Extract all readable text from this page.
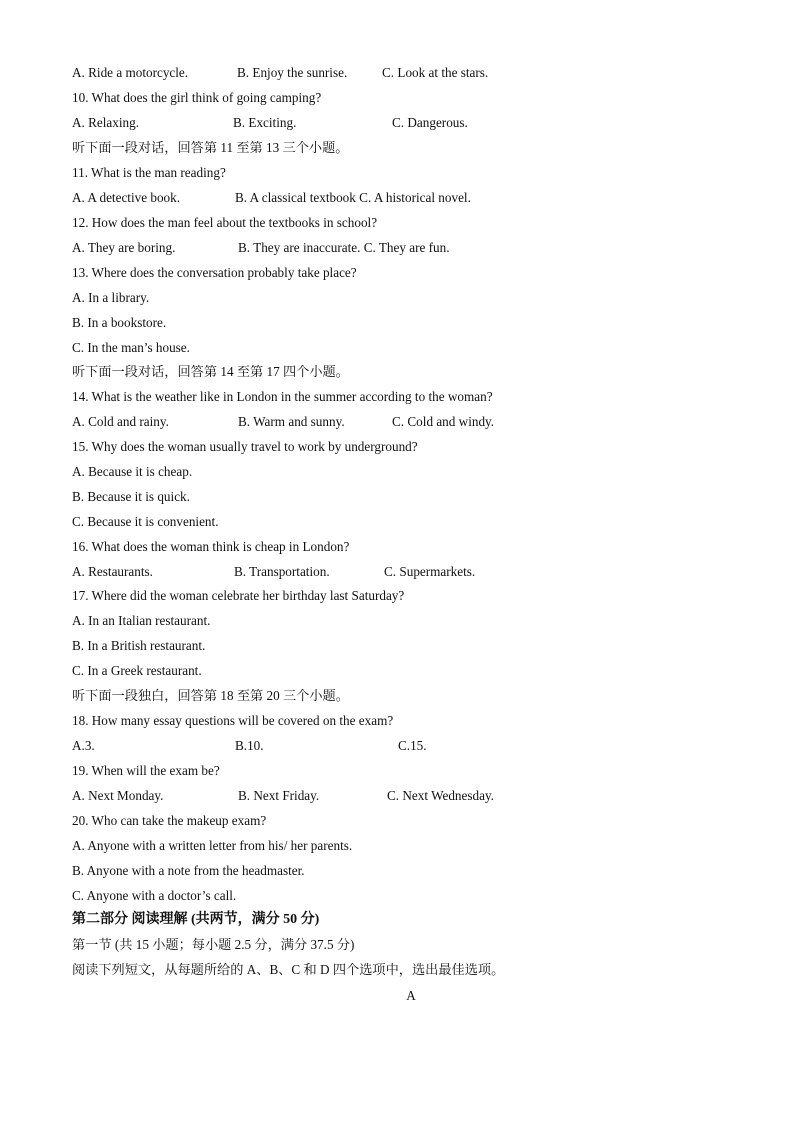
A. Ride a motorcycle.	B. Enjoy the sunrise.	C. Look at the stars.
10. What does the girl think of going camping?
A. Relaxing.	B. Exciting.	C. Dangerous.
听下面一段对话，回答第 11 至第 13 三个小题。
11. What is the man reading?
A. A detective book.	B. A classical textbook C. A historical novel.
12. How does the man feel about the textbooks in school?
A. They are boring.	B. They are inaccurate. C. They are fun.
13. Where does the conversation probably take place?
A. In a library.
B. In a bookstore.
C. In the man’s house.
听下面一段对话，回答第 14 至第 17 四个小题。
14. What is the weather like in London in the summer according to the woman?
A. Cold and rainy.	B. Warm and sunny.	C. Cold and windy.
15. Why does the woman usually travel to work by underground?
A. Because it is cheap.
B. Because it is quick.
C. Because it is convenient.
16. What does the woman think is cheap in London?
A. Restaurants.	B. Transportation.	C. Supermarkets.
17. Where did the woman celebrate her birthday last Saturday?
A. In an Italian restaurant.
B. In a British restaurant.
C. In a Greek restaurant.
听下面一段独白，回答第 18 至第 20 三个小题。
18. How many essay questions will be covered on the exam?
A.3.	B.10.	C.15.
19. When will the exam be?
A. Next Monday.	B. Next Friday.	C. Next Wednesday.
20. Who can take the makeup exam?
A. Anyone with a written letter from his/ her parents.
B. Anyone with a note from the headmaster.
C. Anyone with a doctor’s call.
第二部分 阅读理解 (共两节，满分 50 分)
第一节 (共 15 小题；每小题 2.5 分，满分 37.5 分)
阅读下列短文，从每题所给的 A、B、C 和 D 四个选项中，选出最佳选项。
A
